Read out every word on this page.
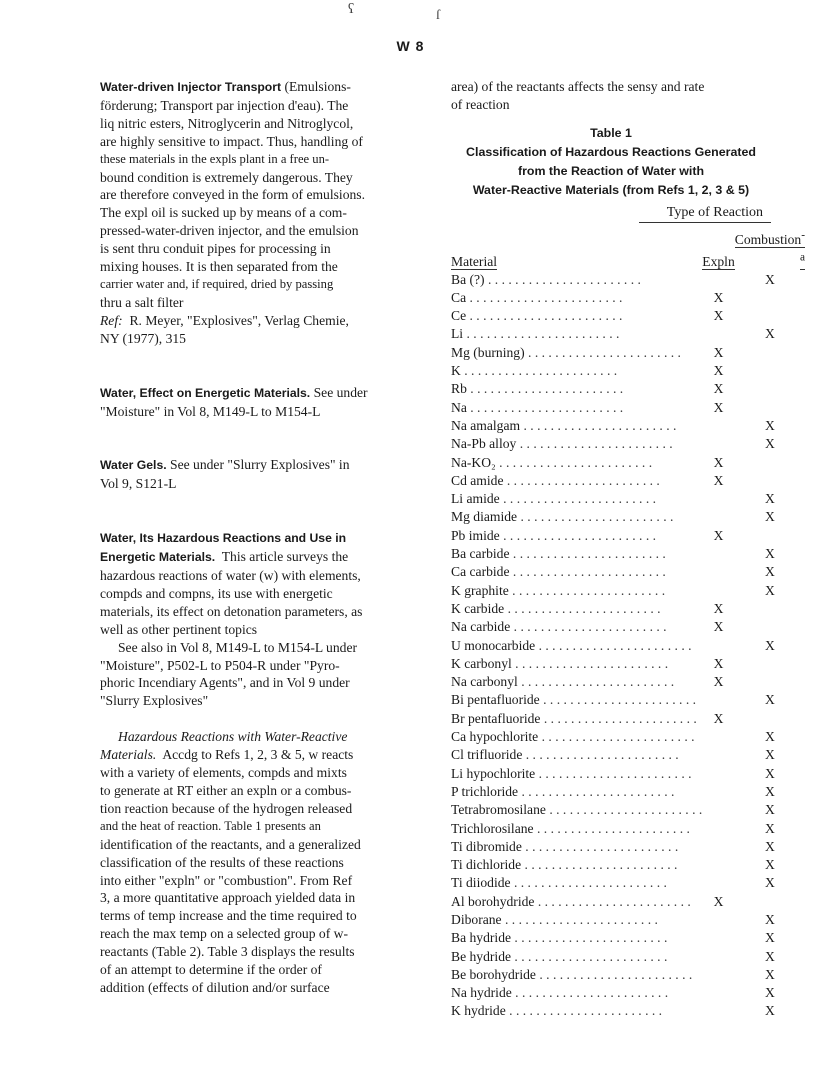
ʕ	ſ
W 8

Water-driven Injector Transport (Emulsions-

förderung; Transport par injection d'eau). The

liq nitric esters, Nitroglycerin and Nitroglycol,

are highly sensitive to impact. Thus, handling of

these materials in the expls plant in a free un-

bound condition is extremely dangerous. They

are therefore conveyed in the form of emulsions.

The expl oil is sucked up by means of a com-

pressed-water-driven injector, and the emulsion

is sent thru conduit pipes for processing in

mixing houses. It is then separated from the

carrier water and, if required, dried by passing

thru a salt filter

Ref: R. Meyer, "Explosives", Verlag Chemie,

NY (1977), 315

Water, Effect on Energetic Materials. See under

"Moisture" in Vol 8, M149-L to M154-L

Water Gels. See under "Slurry Explosives" in

Vol 9, S121-L

Water, Its Hazardous Reactions and Use in

Energetic Materials. This article surveys the

hazardous reactions of water (w) with elements,

compds and compns, its use with energetic

materials, its effect on detonation parameters, as

well as other pertinent topics

See also in Vol 8, M149-L to M154-L under

"Moisture", P502-L to P504-R under "Pyro-

phoric Incendiary Agents", and in Vol 9 under

"Slurry Explosives"

Hazardous Reactions with Water-Reactive

Materials. Accdg to Refs 1, 2, 3 & 5, w reacts

with a variety of elements, compds and mixts

to generate at RT either an expln or a combus-

tion reaction because of the hydrogen released

and the heat of reaction. Table 1 presents an

identification of the reactants, and a generalized

classification of the results of these reactions

into either "expln" or "combustion". From Ref

3, a more quantitative approach yielded data in

terms of temp increase and the time required to

reach the max temp on a selected group of w-

reactants (Table 2). Table 3 displays the results

of an attempt to determine if the order of

addition (effects of dilution and/or surface

area) of the reactants affects the sensy and rate

of reaction

Table 1
Classification of Hazardous Reactions Generated
from the Reaction of Water with
Water-Reactive Materials (from Refs 1, 2, 3 & 5)
Type of Reaction
Material	Expln	Combustion$^{-a}$
Ba (?) . . . . . . . . . . . . . . . . . . . . . . .		X
Ca . . . . . . . . . . . . . . . . . . . . . . .	X	
Ce . . . . . . . . . . . . . . . . . . . . . . .	X	
Li . . . . . . . . . . . . . . . . . . . . . . .		X
Mg (burning) . . . . . . . . . . . . . . . . . . . . . . .	X	
K . . . . . . . . . . . . . . . . . . . . . . .	X	
Rb . . . . . . . . . . . . . . . . . . . . . . .	X	
Na . . . . . . . . . . . . . . . . . . . . . . .	X	
Na amalgam . . . . . . . . . . . . . . . . . . . . . . .		X
Na-Pb alloy . . . . . . . . . . . . . . . . . . . . . . .		X
Na-KO₂ . . . . . . . . . . . . . . . . . . . . . . .	X	
Cd amide . . . . . . . . . . . . . . . . . . . . . . .	X	
Li amide . . . . . . . . . . . . . . . . . . . . . . .		X
Mg diamide . . . . . . . . . . . . . . . . . . . . . . .		X
Pb imide . . . . . . . . . . . . . . . . . . . . . . .	X	
Ba carbide . . . . . . . . . . . . . . . . . . . . . . .		X
Ca carbide . . . . . . . . . . . . . . . . . . . . . . .		X
K graphite . . . . . . . . . . . . . . . . . . . . . . .		X
K carbide . . . . . . . . . . . . . . . . . . . . . . .	X	
Na carbide . . . . . . . . . . . . . . . . . . . . . . .	X	
U monocarbide . . . . . . . . . . . . . . . . . . . . . . .		X
K carbonyl . . . . . . . . . . . . . . . . . . . . . . .	X	
Na carbonyl . . . . . . . . . . . . . . . . . . . . . . .	X	
Bi pentafluoride . . . . . . . . . . . . . . . . . . . . . . .		X
Br pentafluoride . . . . . . . . . . . . . . . . . . . . . . .	X	
Ca hypochlorite . . . . . . . . . . . . . . . . . . . . . . .		X
Cl trifluoride . . . . . . . . . . . . . . . . . . . . . . .		X
Li hypochlorite . . . . . . . . . . . . . . . . . . . . . . .		X
P trichloride . . . . . . . . . . . . . . . . . . . . . . .		X
Tetrabromosilane . . . . . . . . . . . . . . . . . . . . . . .		X
Trichlorosilane . . . . . . . . . . . . . . . . . . . . . . .		X
Ti dibromide . . . . . . . . . . . . . . . . . . . . . . .		X
Ti dichloride . . . . . . . . . . . . . . . . . . . . . . .		X
Ti diiodide . . . . . . . . . . . . . . . . . . . . . . .		X
Al borohydride . . . . . . . . . . . . . . . . . . . . . . .	X	
Diborane . . . . . . . . . . . . . . . . . . . . . . .		X
Ba hydride . . . . . . . . . . . . . . . . . . . . . . .		X
Be hydride . . . . . . . . . . . . . . . . . . . . . . .		X
Be borohydride . . . . . . . . . . . . . . . . . . . . . . .		X
Na hydride . . . . . . . . . . . . . . . . . . . . . . .		X
K hydride . . . . . . . . . . . . . . . . . . . . . . .		X
